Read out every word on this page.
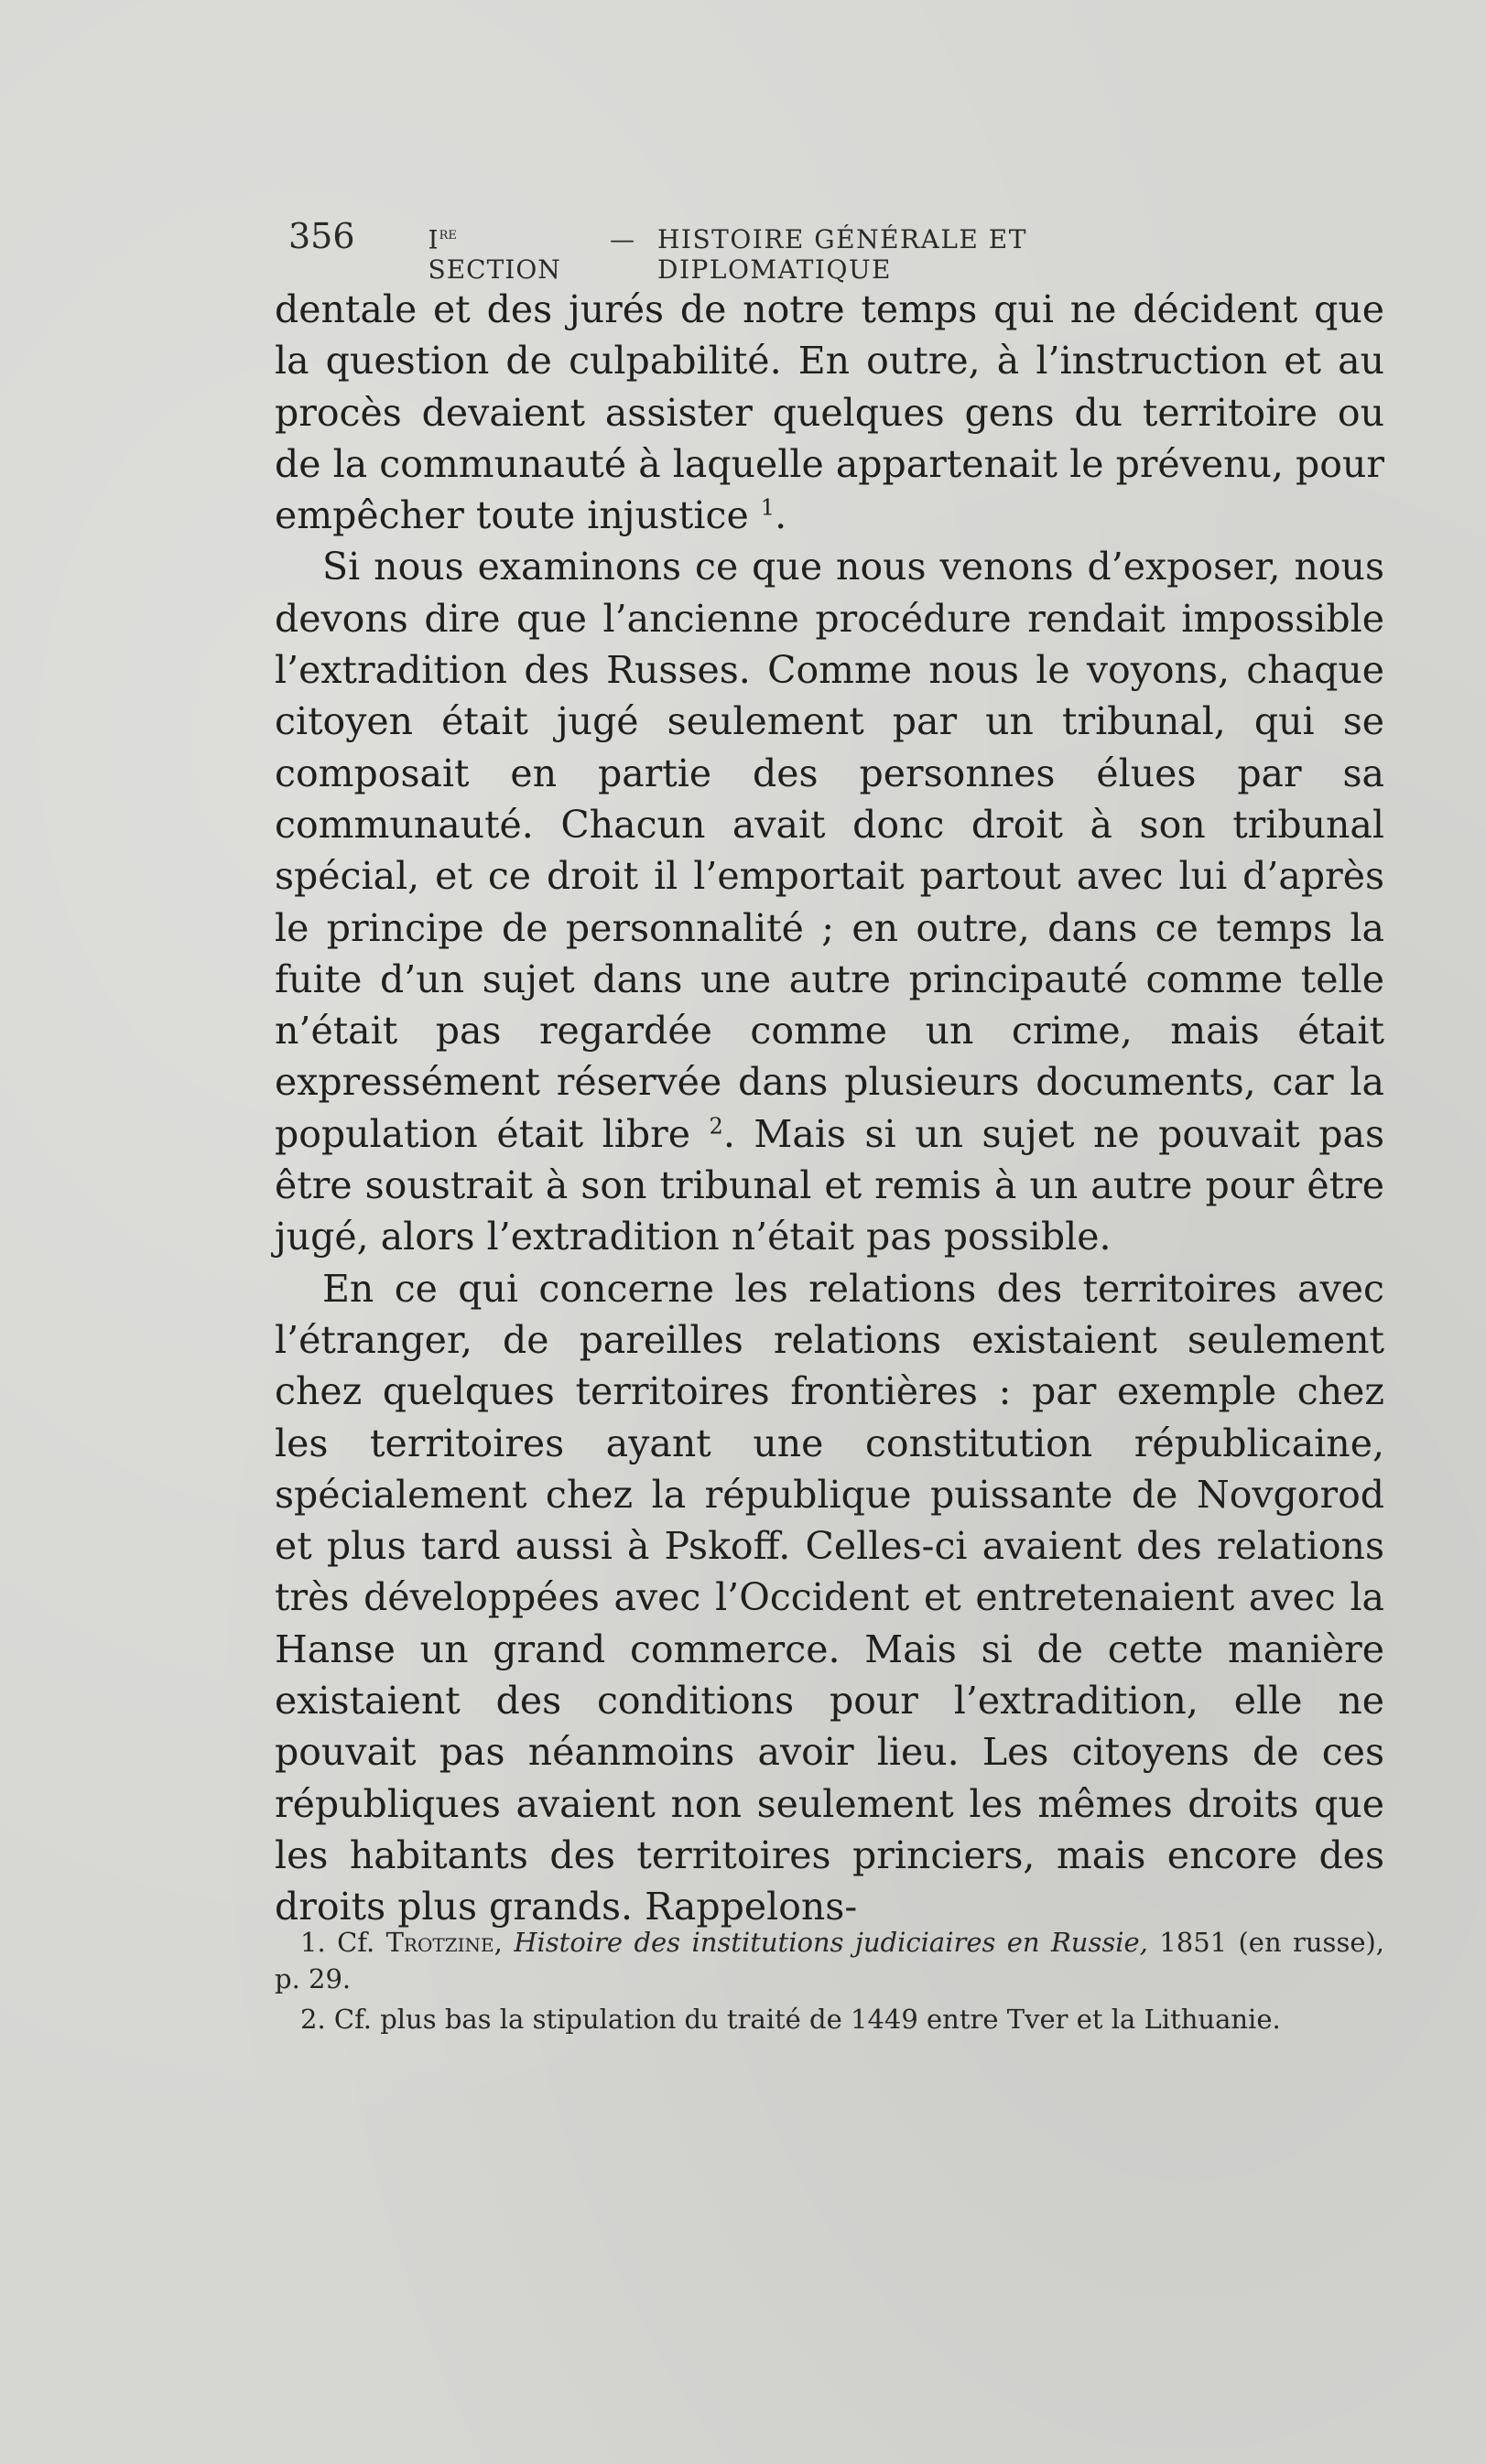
356	Ire SECTION
— HISTOIRE GÉNÉRALE ET DIPLOMATIQUE

dentale et des jurés de notre temps qui ne décident que la question de culpabilité. En outre, à l’instruction et au procès devaient assister quelques gens du territoire ou de la communauté à laquelle appartenait le prévenu, pour empêcher toute injustice $^1$.

Si nous examinons ce que nous venons d’exposer, nous devons dire que l’ancienne procédure rendait impossible l’extradition des Russes. Comme nous le voyons, chaque citoyen était jugé seulement par un tribunal, qui se composait en partie des personnes élues par sa communauté. Chacun avait donc droit à son tribunal spécial, et ce droit il l’emportait partout avec lui d’après le principe de personnalité ; en outre, dans ce temps la fuite d’un sujet dans une autre principauté comme telle n’était pas regardée comme un crime, mais était expressément réservée dans plusieurs documents, car la population était libre $^2$. Mais si un sujet ne pouvait pas être soustrait à son tribunal et remis à un autre pour être jugé, alors l’extradition n’était pas possible.

En ce qui concerne les relations des territoires avec l’étranger, de pareilles relations existaient seulement chez quelques territoires frontières : par exemple chez les territoires ayant une constitution républicaine, spécialement chez la république puissante de Novgorod et plus tard aussi à Pskoff. Celles-ci avaient des relations très développées avec l’Occident et entretenaient avec la Hanse un grand commerce. Mais si de cette manière existaient des conditions pour l’extradition, elle ne pouvait pas néanmoins avoir lieu. Les citoyens de ces républiques avaient non seulement les mêmes droits que les habitants des territoires princiers, mais encore des droits plus grands. Rappelons-

1. Cf. Trotzine, Histoire des institutions judiciaires en Russie, 1851 (en russe), p. 29.

2. Cf. plus bas la stipulation du traité de 1449 entre Tver et la Lithuanie.
